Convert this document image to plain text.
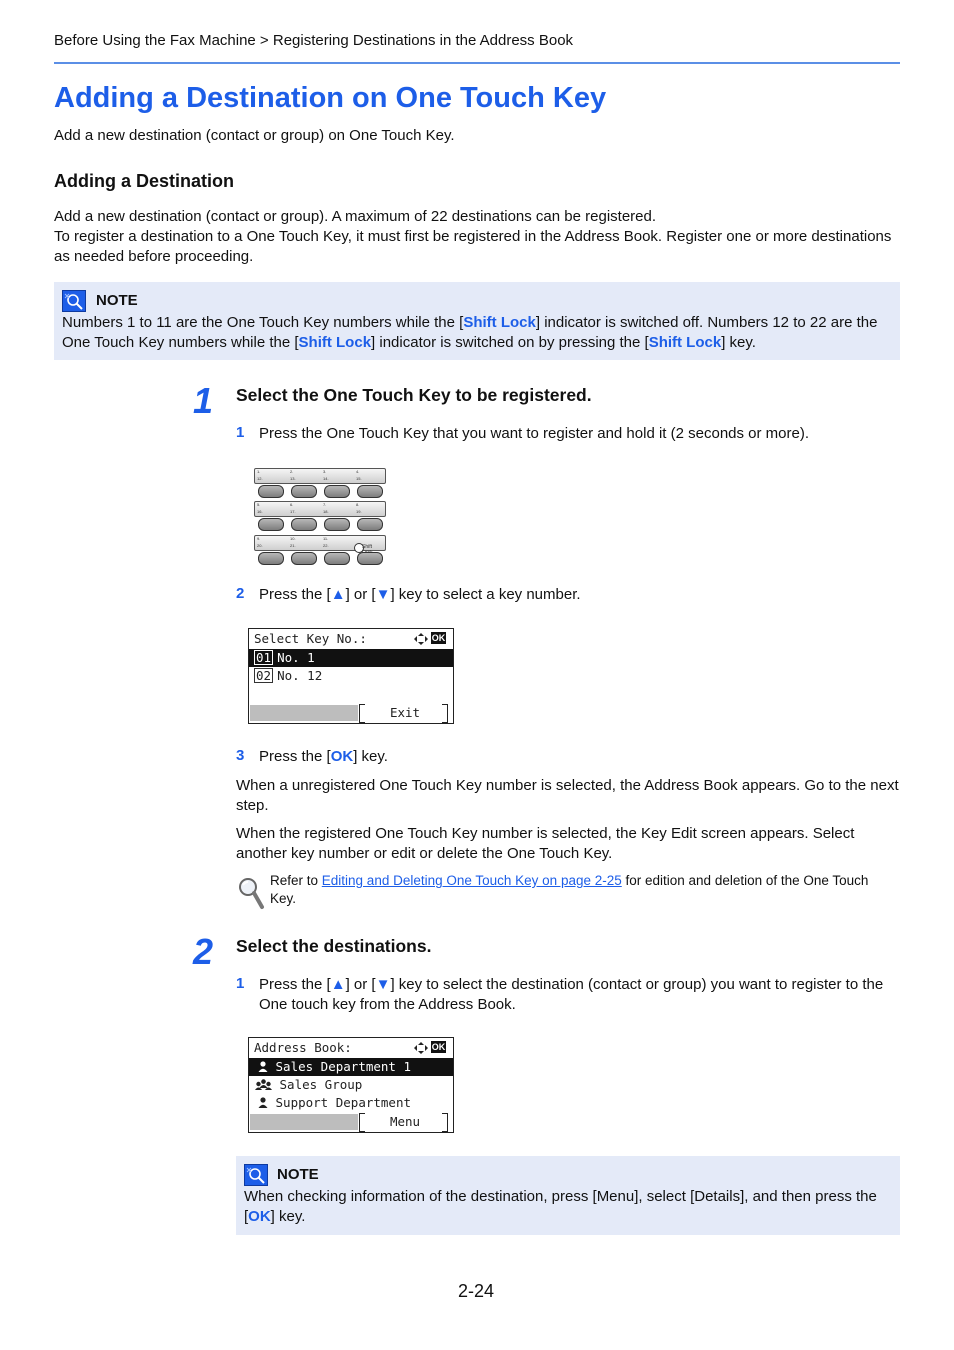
Before Using the Fax Machine > Registering Destinations in the Address Book
Adding a Destination on One Touch Key
Add a new destination (contact or group) on One Touch Key.
Adding a Destination
Add a new destination (contact or group). A maximum of 22 destinations can be registered.
To register a destination to a One Touch Key, it must first be registered in the Address Book. Register one or more destinations as needed before proceeding.
NOTE
Numbers 1 to 11 are the One Touch Key numbers while the [Shift Lock] indicator is switched off. Numbers 12 to 22 are the One Touch Key numbers while the [Shift Lock] indicator is switched on by pressing the [Shift Lock] key.
1 Select the One Touch Key to be registered.
1 Press the One Touch Key that you want to register and hold it (2 seconds or more).
1.	2.	3.	4.
12.	13.	14.	15.
5.	6.	7.	8.
16.	17.	18.	19.
9.	10.	11.
20.	21.	22.	Shift
2 Press the [▲] or [▼] key to select a key number.
Select Key No.:	OK
01 No. 1
02 No. 12
Exit
3 Press the [OK] key.
When a unregistered One Touch Key number is selected, the Address Book appears. Go to the next step.
When the registered One Touch Key number is selected, the Key Edit screen appears. Select another key number or edit or delete the One Touch Key.
Refer to Editing and Deleting One Touch Key on page 2-25 for edition and deletion of the One Touch Key.
2 Select the destinations.
1 Press the [▲] or [▼] key to select the destination (contact or group) you want to register to the One touch key from the Address Book.
Address Book:	OK
Sales Department 1
Sales Group
Support Department
Menu
NOTE
When checking information of the destination, press [Menu], select [Details], and then press the [OK] key.
2-24
